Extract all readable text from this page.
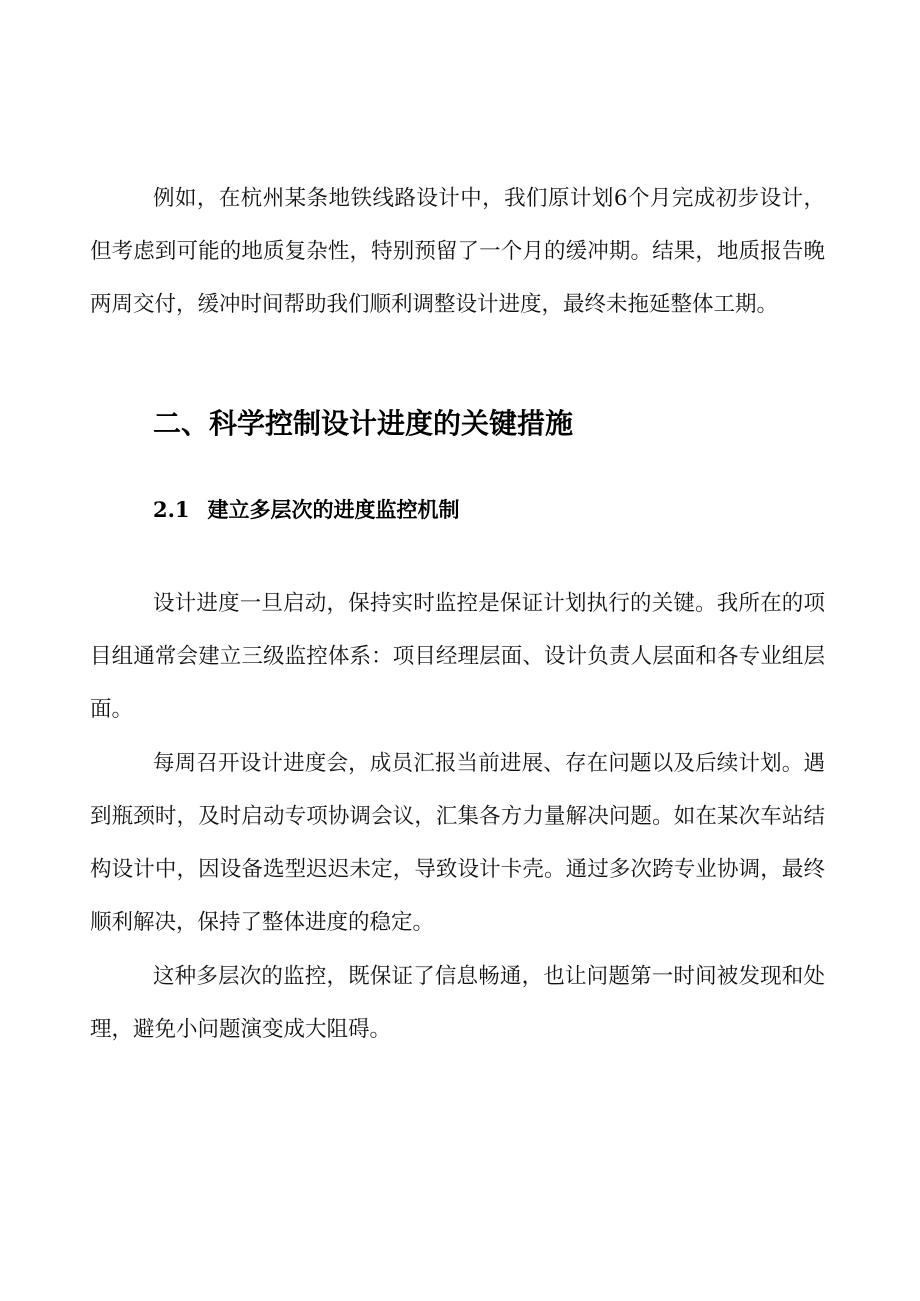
例如，在杭州某条地铁线路设计中，我们原计划6个月完成初步设计，但考虑到可能的地质复杂性，特别预留了一个月的缓冲期。结果，地质报告晚两周交付，缓冲时间帮助我们顺利调整设计进度，最终未拖延整体工期。

二、科学控制设计进度的关键措施
2.1 建立多层次的进度监控机制

设计进度一旦启动，保持实时监控是保证计划执行的关键。我所在的项目组通常会建立三级监控体系：项目经理层面、设计负责人层面和各专业组层面。

每周召开设计进度会，成员汇报当前进展、存在问题以及后续计划。遇到瓶颈时，及时启动专项协调会议，汇集各方力量解决问题。如在某次车站结构设计中，因设备选型迟迟未定，导致设计卡壳。通过多次跨专业协调，最终顺利解决，保持了整体进度的稳定。

这种多层次的监控，既保证了信息畅通，也让问题第一时间被发现和处理，避免小问题演变成大阻碍。
